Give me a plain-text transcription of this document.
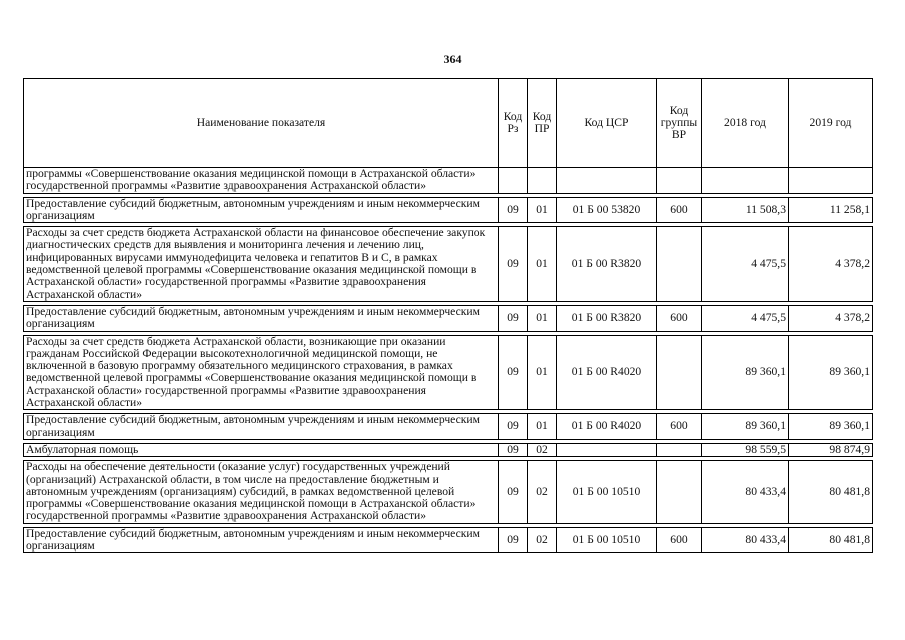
364
Наименование показателя	Код Рз	Код ПР	Код ЦСР	Код группы ВР	2018 год	2019 год
программы «Совершенствование оказания медицинской помощи в Астраханской области» государственной программы «Развитие здравоохранения Астраханской области»						

Предоставление субсидий бюджетным, автономным учреждениям и иным некоммерческим организациям	09	01	01 Б 00 53820	600	11 508,3	11 258,1

Расходы за счет средств бюджета Астраханской области на финансовое обеспечение закупок диагностических средств для выявления и мониторинга лечения и лечению лиц, инфицированных вирусами иммунодефицита человека и гепатитов В и С, в рамках ведомственной целевой программы «Совершенствование оказания медицинской помощи в Астраханской области» государственной программы «Развитие здравоохранения Астраханской области»	09	01	01 Б 00 R3820		4 475,5	4 378,2

Предоставление субсидий бюджетным, автономным учреждениям и иным некоммерческим организациям	09	01	01 Б 00 R3820	600	4 475,5	4 378,2

Расходы за счет средств бюджета Астраханской области, возникающие при оказании гражданам Российской Федерации высокотехнологичной медицинской помощи, не включенной в базовую программу обязательного медицинского страхования, в рамках ведомственной целевой программы «Совершенствование оказания медицинской помощи в Астраханской области» государственной программы «Развитие здравоохранения Астраханской области»	09	01	01 Б 00 R4020		89 360,1	89 360,1

Предоставление субсидий бюджетным, автономным учреждениям и иным некоммерческим организациям	09	01	01 Б 00 R4020	600	89 360,1	89 360,1

Амбулаторная помощь	09	02			98 559,5	98 874,9

Расходы на обеспечение деятельности (оказание услуг) государственных учреждений (организаций) Астраханской области, в том числе на предоставление бюджетным и автономным учреждениям (организациям) субсидий, в рамках ведомственной целевой программы «Совершенствование оказания медицинской помощи в Астраханской области» государственной программы «Развитие здравоохранения Астраханской области»	09	02	01 Б 00 10510		80 433,4	80 481,8

Предоставление субсидий бюджетным, автономным учреждениям и иным некоммерческим организациям	09	02	01 Б 00 10510	600	80 433,4	80 481,8
